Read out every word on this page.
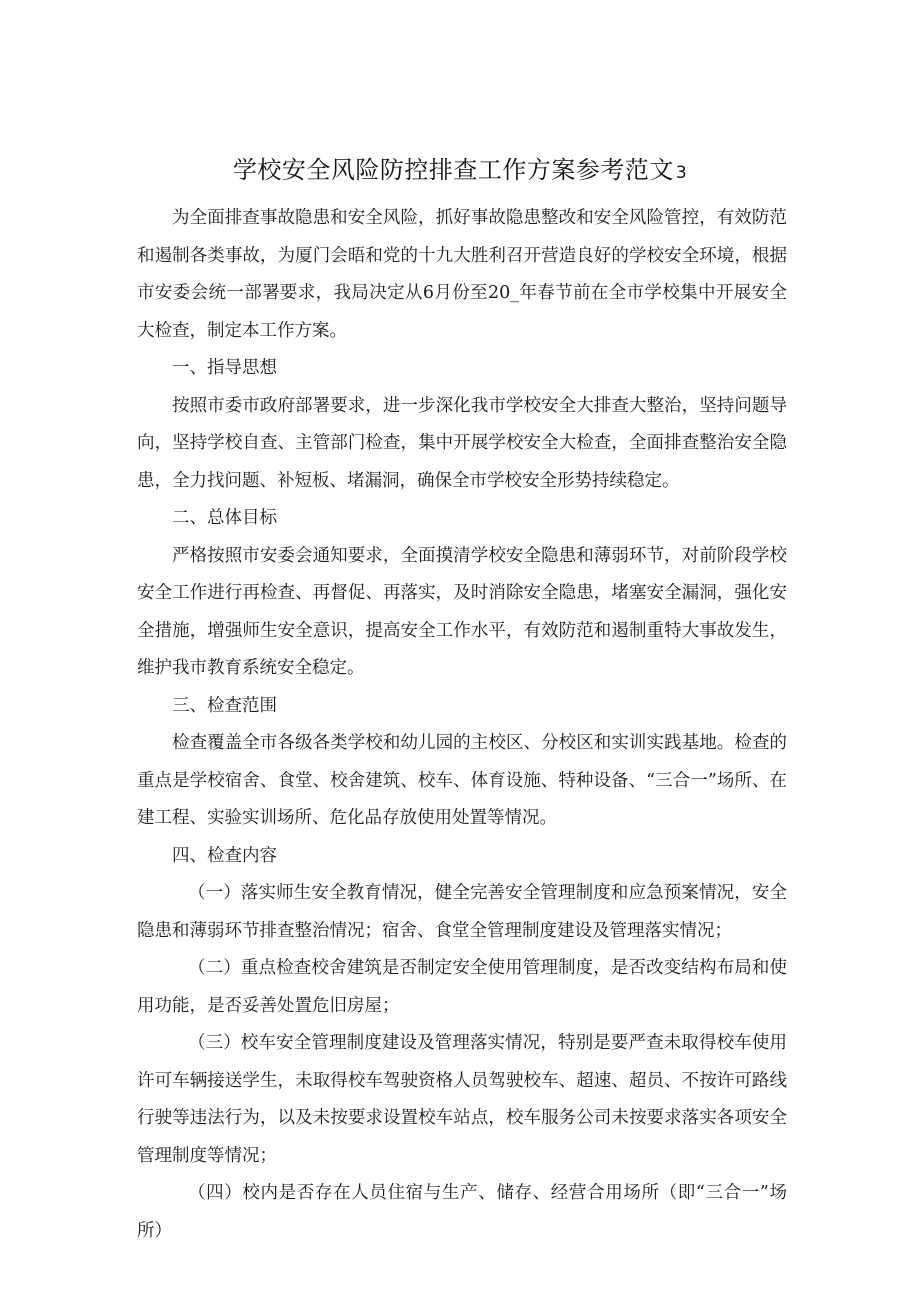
学校安全风险防控排查工作方案参考范文 3

为全面排查事故隐患和安全风险，抓好事故隐患整改和安全风险管控，有效防范和遏制各类事故，为厦门会晤和党的十九大胜利召开营造良好的学校安全环境，根据市安委会统一部署要求，我局决定从6月份至20_年春节前在全市学校集中开展安全大检查，制定本工作方案。

一、指导思想

按照市委市政府部署要求，进一步深化我市学校安全大排查大整治，坚持问题导向，坚持学校自查、主管部门检查，集中开展学校安全大检查，全面排查整治安全隐患，全力找问题、补短板、堵漏洞，确保全市学校安全形势持续稳定。

二、总体目标

严格按照市安委会通知要求，全面摸清学校安全隐患和薄弱环节，对前阶段学校安全工作进行再检查、再督促、再落实，及时消除安全隐患，堵塞安全漏洞，强化安全措施，增强师生安全意识，提高安全工作水平，有效防范和遏制重特大事故发生，维护我市教育系统安全稳定。

三、检查范围

检查覆盖全市各级各类学校和幼儿园的主校区、分校区和实训实践基地。检查的重点是学校宿舍、食堂、校舍建筑、校车、体育设施、特种设备、“三合一”场所、在建工程、实验实训场所、危化品存放使用处置等情况。

四、检查内容

（一）落实师生安全教育情况，健全完善安全管理制度和应急预案情况，安全隐患和薄弱环节排查整治情况；宿舍、食堂全管理制度建设及管理落实情况；

（二）重点检查校舍建筑是否制定安全使用管理制度，是否改变结构布局和使用功能，是否妥善处置危旧房屋；

（三）校车安全管理制度建设及管理落实情况，特别是要严查未取得校车使用许可车辆接送学生，未取得校车驾驶资格人员驾驶校车、超速、超员、不按许可路线行驶等违法行为，以及未按要求设置校车站点，校车服务公司未按要求落实各项安全管理制度等情况；

（四）校内是否存在人员住宿与生产、储存、经营合用场所（即“三合一”场所）
